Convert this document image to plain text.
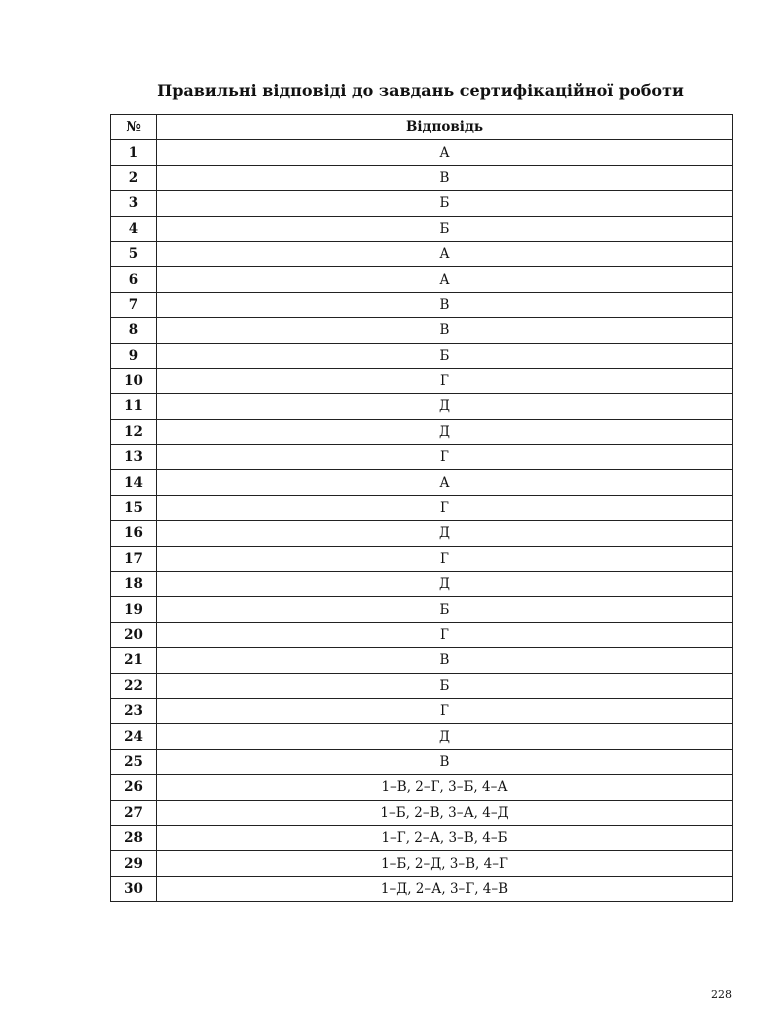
Правильні відповіді до завдань сертифікаційної роботи
№	Відповідь
1	А
2	В
3	Б
4	Б
5	А
6	А
7	В
8	В
9	Б
10	Г
11	Д
12	Д
13	Г
14	А
15	Г
16	Д
17	Г
18	Д
19	Б
20	Г
21	В
22	Б
23	Г
24	Д
25	В
26	1–В, 2–Г, 3–Б, 4–А
27	1–Б, 2–В, 3–А, 4–Д
28	1–Г, 2–А, 3–В, 4–Б
29	1–Б, 2–Д, 3–В, 4–Г
30	1–Д, 2–А, 3–Г, 4–В
228
